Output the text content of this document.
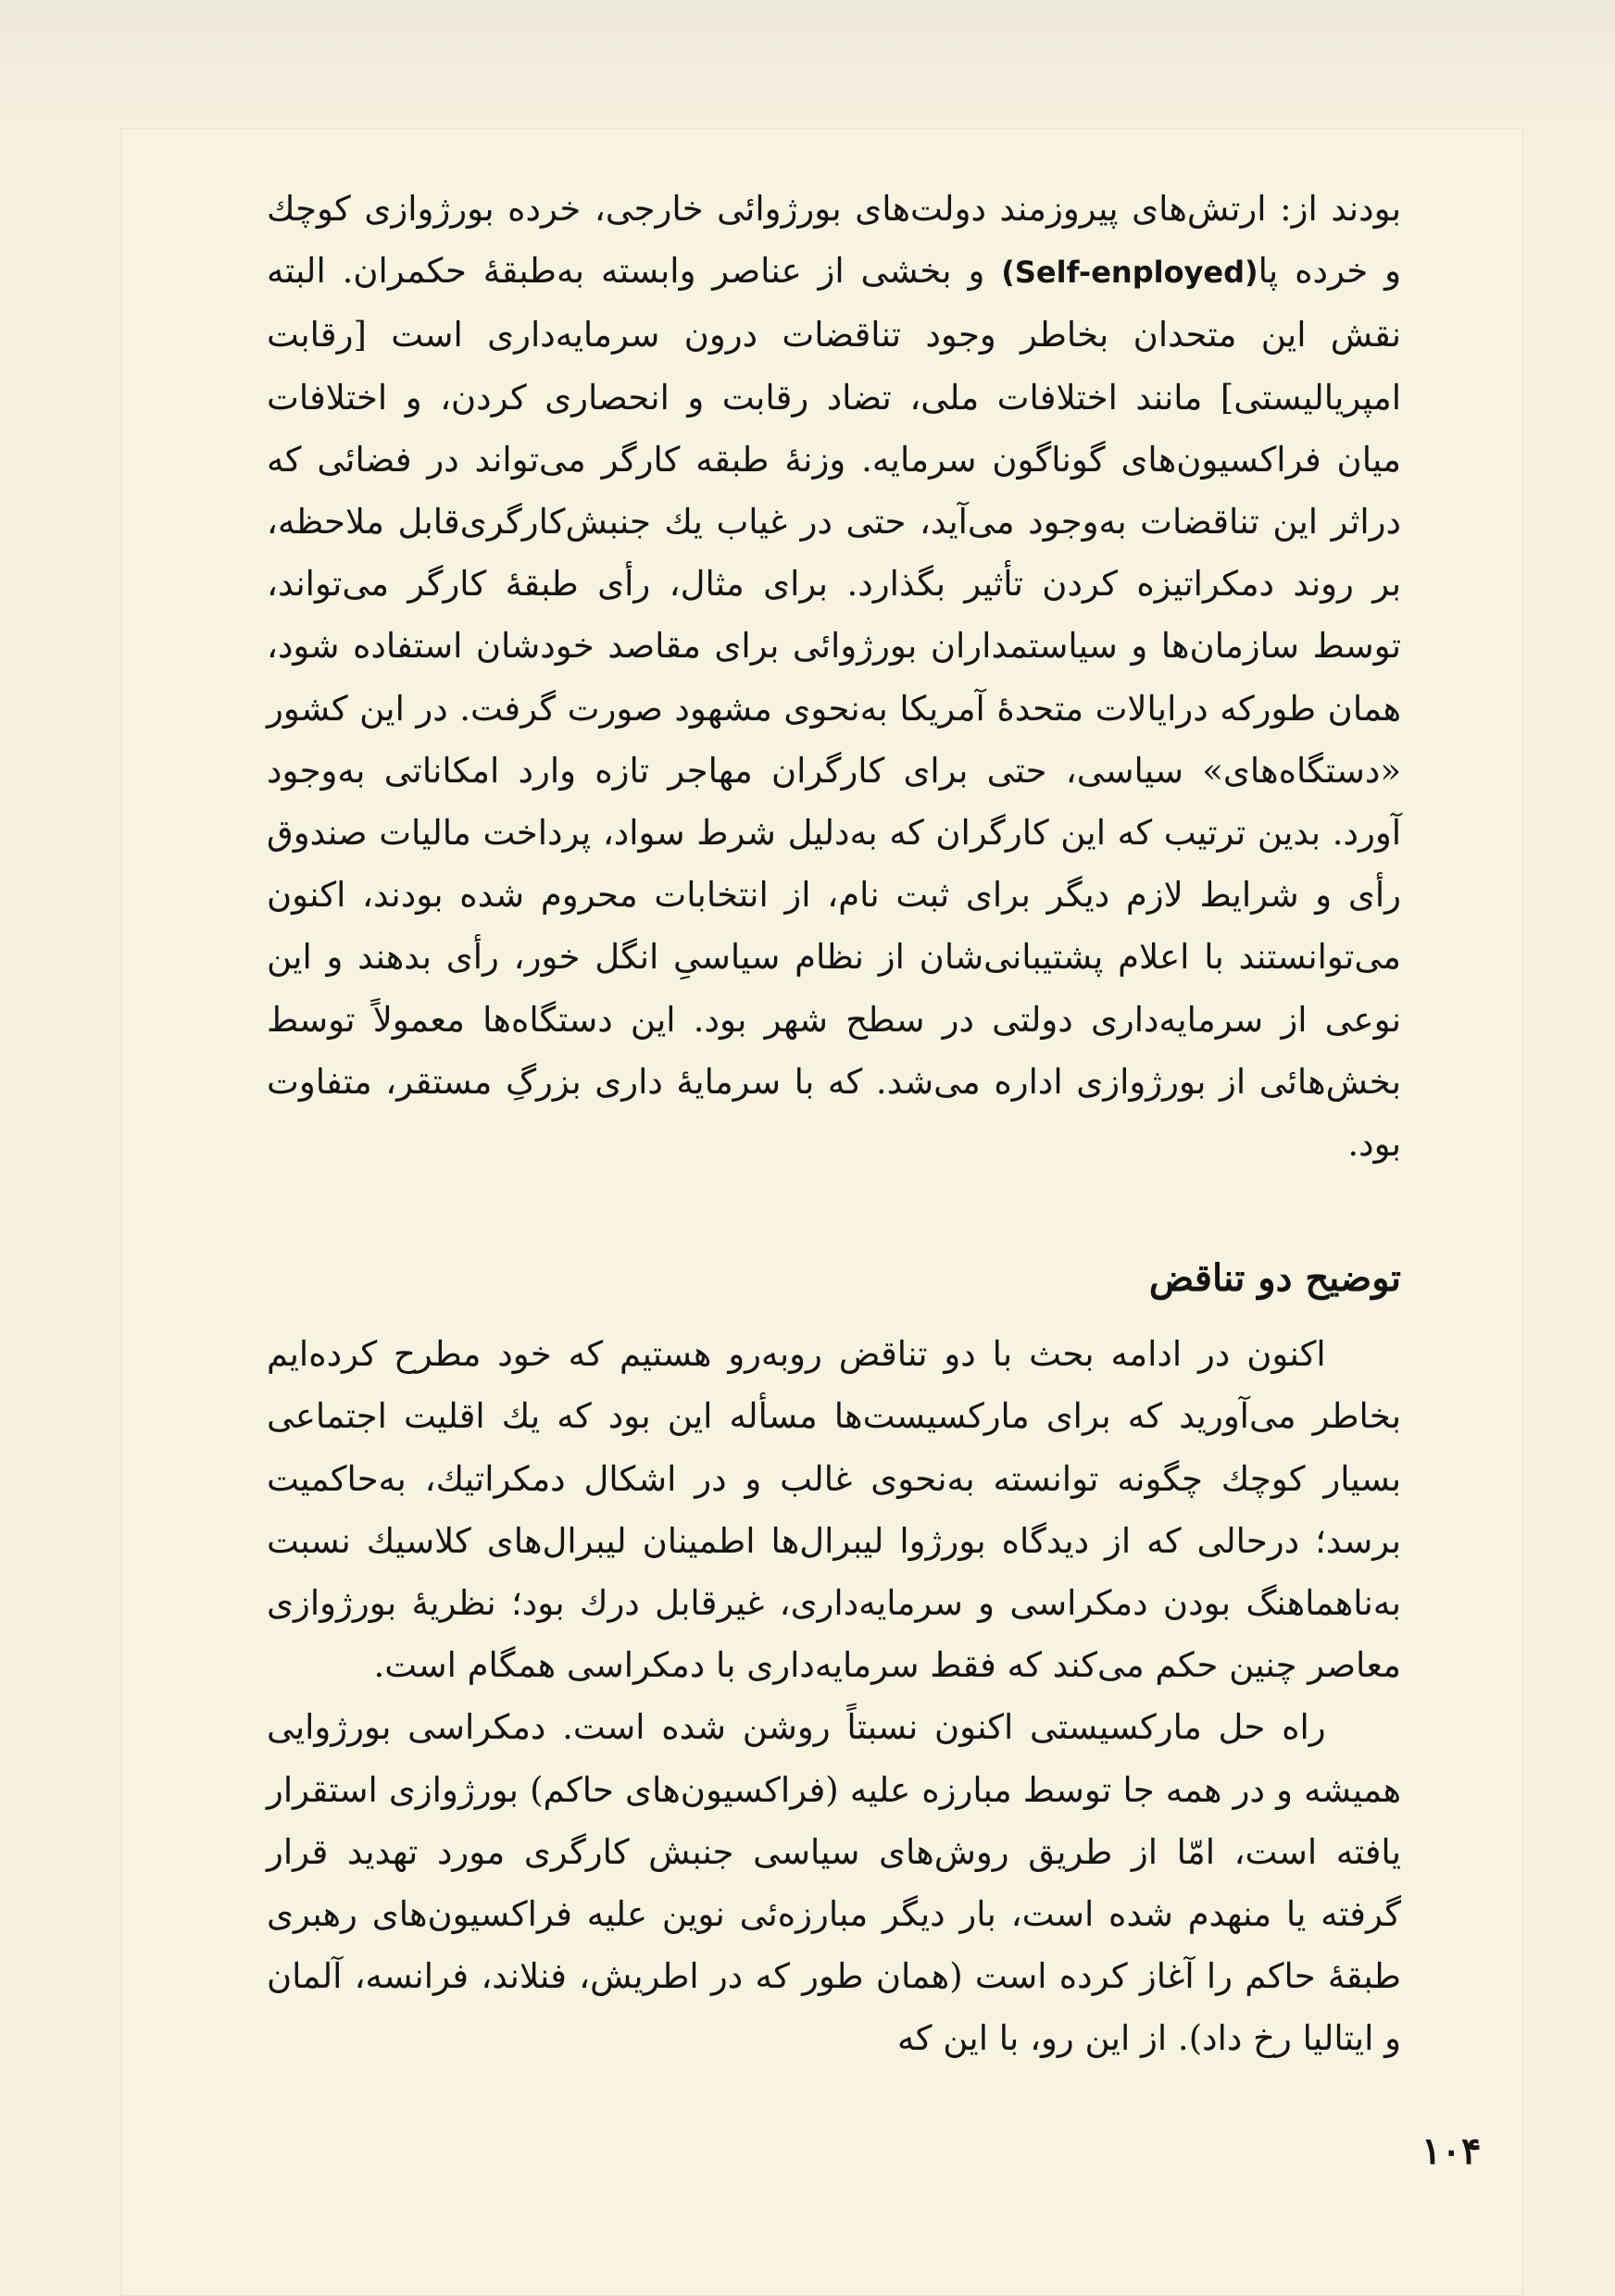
بودند از: ارتش‌های پیروزمند دولت‌های بورژوائی خارجی، خرده بورژوازی کوچك و خرده پا(Self-enployed) و بخشی از عناصر وابسته به‌طبقهٔ حکمران. البته نقش این متحدان بخاطر وجود تناقضات درون سرمایه‌داری است [رقابت امپریالیستی] مانند اختلافات ملی، تضاد رقابت و انحصاری کردن، و اختلافات میان فراکسیون‌های گوناگون سرمایه. وزنهٔ طبقه کارگر می‌تواند در فضائی که دراثر این تناقضات به‌وجود می‌آید، حتی در غیاب یك جنبش‌کارگری‌قابل ملاحظه، بر روند دمکراتیزه کردن تأثیر بگذارد. برای مثال، رأی طبقهٔ کارگر می‌تواند، توسط سازمان‌ها و سیاستمداران بورژوائی برای مقاصد خودشان استفاده شود، همان طورکه درایالات متحدهٔ آمریکا به‌نحوی مشهود صورت گرفت. در این کشور «دستگاه‌های» سیاسی، حتی برای کارگران مهاجر تازه وارد امکاناتی به‌وجود آورد. بدین ترتیب که این کارگران که به‌دلیل شرط سواد، پرداخت مالیات صندوق رأی و شرایط لازم دیگر برای ثبت نام، از انتخابات محروم شده بودند، اکنون می‌توانستند با اعلام پشتیبانی‌شان از نظام سیاسیِ انگل خور، رأی بدهند و این نوعی از سرمایه‌داری دولتی در سطح شهر بود. این دستگاه‌ها معمولاً توسط بخش‌هائی از بورژوازی اداره می‌شد. که با سرمایهٔ داری بزرگِ مستقر، متفاوت بود.

توضیح دو تناقض

اکنون در ادامه بحث با دو تناقض روبه‌رو هستیم که خود مطرح کرده‌ایم بخاطر می‌آورید که برای مارکسیست‌ها مسأله این بود که یك اقلیت اجتماعی بسیار کوچك چگونه توانسته به‌نحوی غالب و در اشکال دمکراتیك، به‌حاکمیت برسد؛ درحالی که از دیدگاه بورژوا لیبرال‌ها اطمینان لیبرال‌های کلاسیك نسبت به‌ناهماهنگ بودن دمکراسی و سرمایه‌داری، غیرقابل درك بود؛ نظریهٔ بورژوازی معاصر چنین حکم می‌کند که فقط سرمایه‌داری با دمکراسی همگام است.

راه حل مارکسیستی اکنون نسبتاً روشن شده است. دمکراسی بورژوایی همیشه و در همه جا توسط مبارزه علیه (فراکسیون‌های حاکم) بورژوازی استقرار یافته است، امّا از طریق روش‌های سیاسی جنبش کارگری مورد تهدید قرار گرفته یا منهدم شده است، بار دیگر مبارزه‌ئی نوین علیه فراکسیون‌های رهبری طبقهٔ حاکم را آغاز کرده است (همان طور که در اطریش، فنلاند، فرانسه، آلمان و ایتالیا رخ داد). از این رو، با این که

۱۰۴
